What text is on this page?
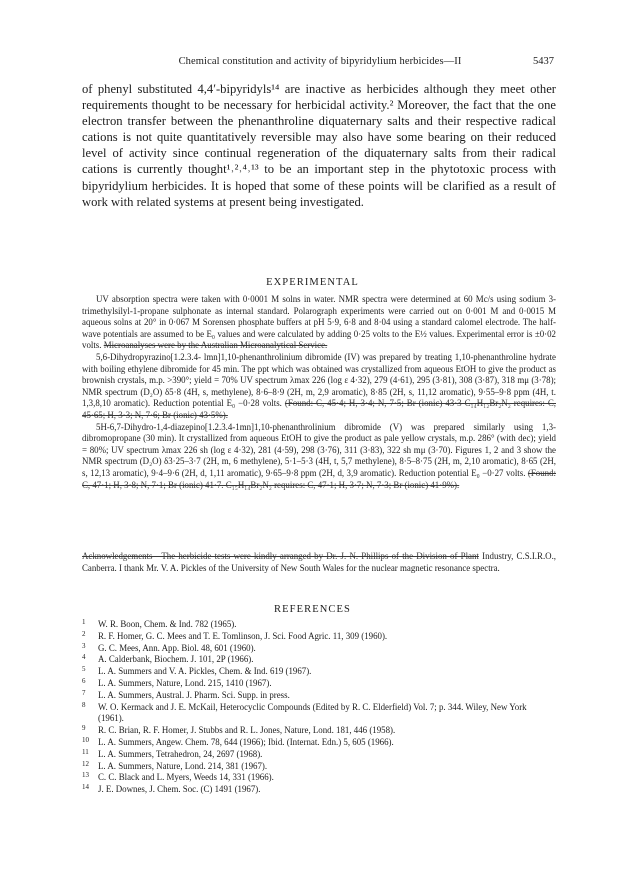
Chemical constitution and activity of bipyridylium herbicides—II	5437

of phenyl substituted 4,4′-bipyridyls¹⁴ are inactive as herbicides although they meet other requirements thought to be necessary for herbicidal activity.² Moreover, the fact that the one electron transfer between the phenanthroline diquaternary salts and their respective radical cations is not quite quantitatively reversible may also have some bearing on their reduced level of activity since continual regeneration of the diquaternary salts from their radical cations is currently thought¹˒²˒⁴˒¹³ to be an important step in the phytotoxic process with bipyridylium herbicides. It is hoped that some of these points will be clarified as a result of work with related systems at present being investigated.

EXPERIMENTAL

UV absorption spectra were taken with 0·0001 M solns in water. NMR spectra were determined at 60 Mc/s using sodium 3-trimethylsilyl-1-propane sulphonate as internal standard. Polarograph experiments were carried out on 0·001 M and 0·0015 M aqueous solns at 20° in 0·067 M Sorensen phosphate buffers at pH 5·9, 6·8 and 8·04 using a standard calomel electrode. The half-wave potentials are assumed to be E₀ values and were calculated by adding 0·25 volts to the E½ values. Experimental error is ±0·02 volts. Microanalyses were by the Australian Microanalytical Service.

5,6-Dihydropyrazino[1.2.3.4- lmn]1,10-phenanthrolinium dibromide (IV) was prepared by treating 1,10-phenanthroline hydrate with boiling ethylene dibromide for 45 min. The ppt which was obtained was crystallized from aqueous EtOH to give the product as brownish crystals, m.p. >390°; yield = 70% UV spectrum λmax 226 (log ε 4·32), 279 (4·61), 295 (3·81), 308 (3·87), 318 mμ (3·78); NMR spectrum (D₂O) δ5·8 (4H, s, methylene), 8·6–8·9 (2H, m, 2,9 aromatic), 8·85 (2H, s, 11,12 aromatic), 9·55–9·8 ppm (4H, t. 1,3,8,10 aromatic). Reduction potential E₀ −0·28 volts. (Found: C, 45·4; H, 3·4; N, 7·5; Br (ionic) 43·3 C₁₄H₁₂Br₂N₂ requires: C, 45·65; H, 3·3; N, 7·6; Br (ionic) 43·5%).

5H-6,7-Dihydro-1,4-diazepino[1.2.3.4-1mn]1,10-phenanthrolinium dibromide (V) was prepared similarly using 1,3-dibromopropane (30 min). It crystallized from aqueous EtOH to give the product as pale yellow crystals, m.p. 286° (with dec); yield = 80%; UV spectrum λmax 226 sh (log ε 4·32), 281 (4·59), 298 (3·76), 311 (3·83), 322 sh mμ (3·70). Figures 1, 2 and 3 show the NMR spectrum (D₂O) δ3·25–3·7 (2H, m, 6 methylene), 5·1–5·3 (4H, t, 5,7 methylene), 8·5–8·75 (2H, m, 2,10 aromatic), 8·65 (2H, s, 12,13 aromatic), 9·4–9·6 (2H, d, 1,11 aromatic), 9·65–9·8 ppm (2H, d, 3,9 aromatic). Reduction potential E₀ −0·27 volts. (Found: C, 47·1; H, 3·8; N, 7·1; Br (ionic) 41·7. C₁₅H₁₄Br₂N₂ requires: C, 47·1; H, 3·7; N, 7·3; Br (ionic) 41·9%).

Acknowledgements—The herbicide tests were kindly arranged by Dr. J. N. Phillips of the Division of Plant Industry, C.S.I.R.O., Canberra. I thank Mr. V. A. Pickles of the University of New South Wales for the nuclear magnetic resonance spectra.

REFERENCES
1 W. R. Boon, Chem. & Ind. 782 (1965).
2 R. F. Homer, G. C. Mees and T. E. Tomlinson, J. Sci. Food Agric. 11, 309 (1960).
3 G. C. Mees, Ann. App. Biol. 48, 601 (1960).
4 A. Calderbank, Biochem. J. 101, 2P (1966).
5 L. A. Summers and V. A. Pickles, Chem. & Ind. 619 (1967).
6 L. A. Summers, Nature, Lond. 215, 1410 (1967).
7 L. A. Summers, Austral. J. Pharm. Sci. Supp. in press.
8 W. O. Kermack and J. E. McKail, Heterocyclic Compounds (Edited by R. C. Elderfield) Vol. 7; p. 344. Wiley, New York (1961).
9 R. C. Brian, R. F. Homer, J. Stubbs and R. L. Jones, Nature, Lond. 181, 446 (1958).
10 L. A. Summers, Angew. Chem. 78, 644 (1966); Ibid. (Internat. Edn.) 5, 605 (1966).
11 L. A. Summers, Tetrahedron, 24, 2697 (1968).
12 L. A. Summers, Nature, Lond. 214, 381 (1967).
13 C. C. Black and L. Myers, Weeds 14, 331 (1966).
14 J. E. Downes, J. Chem. Soc. (C) 1491 (1967).
